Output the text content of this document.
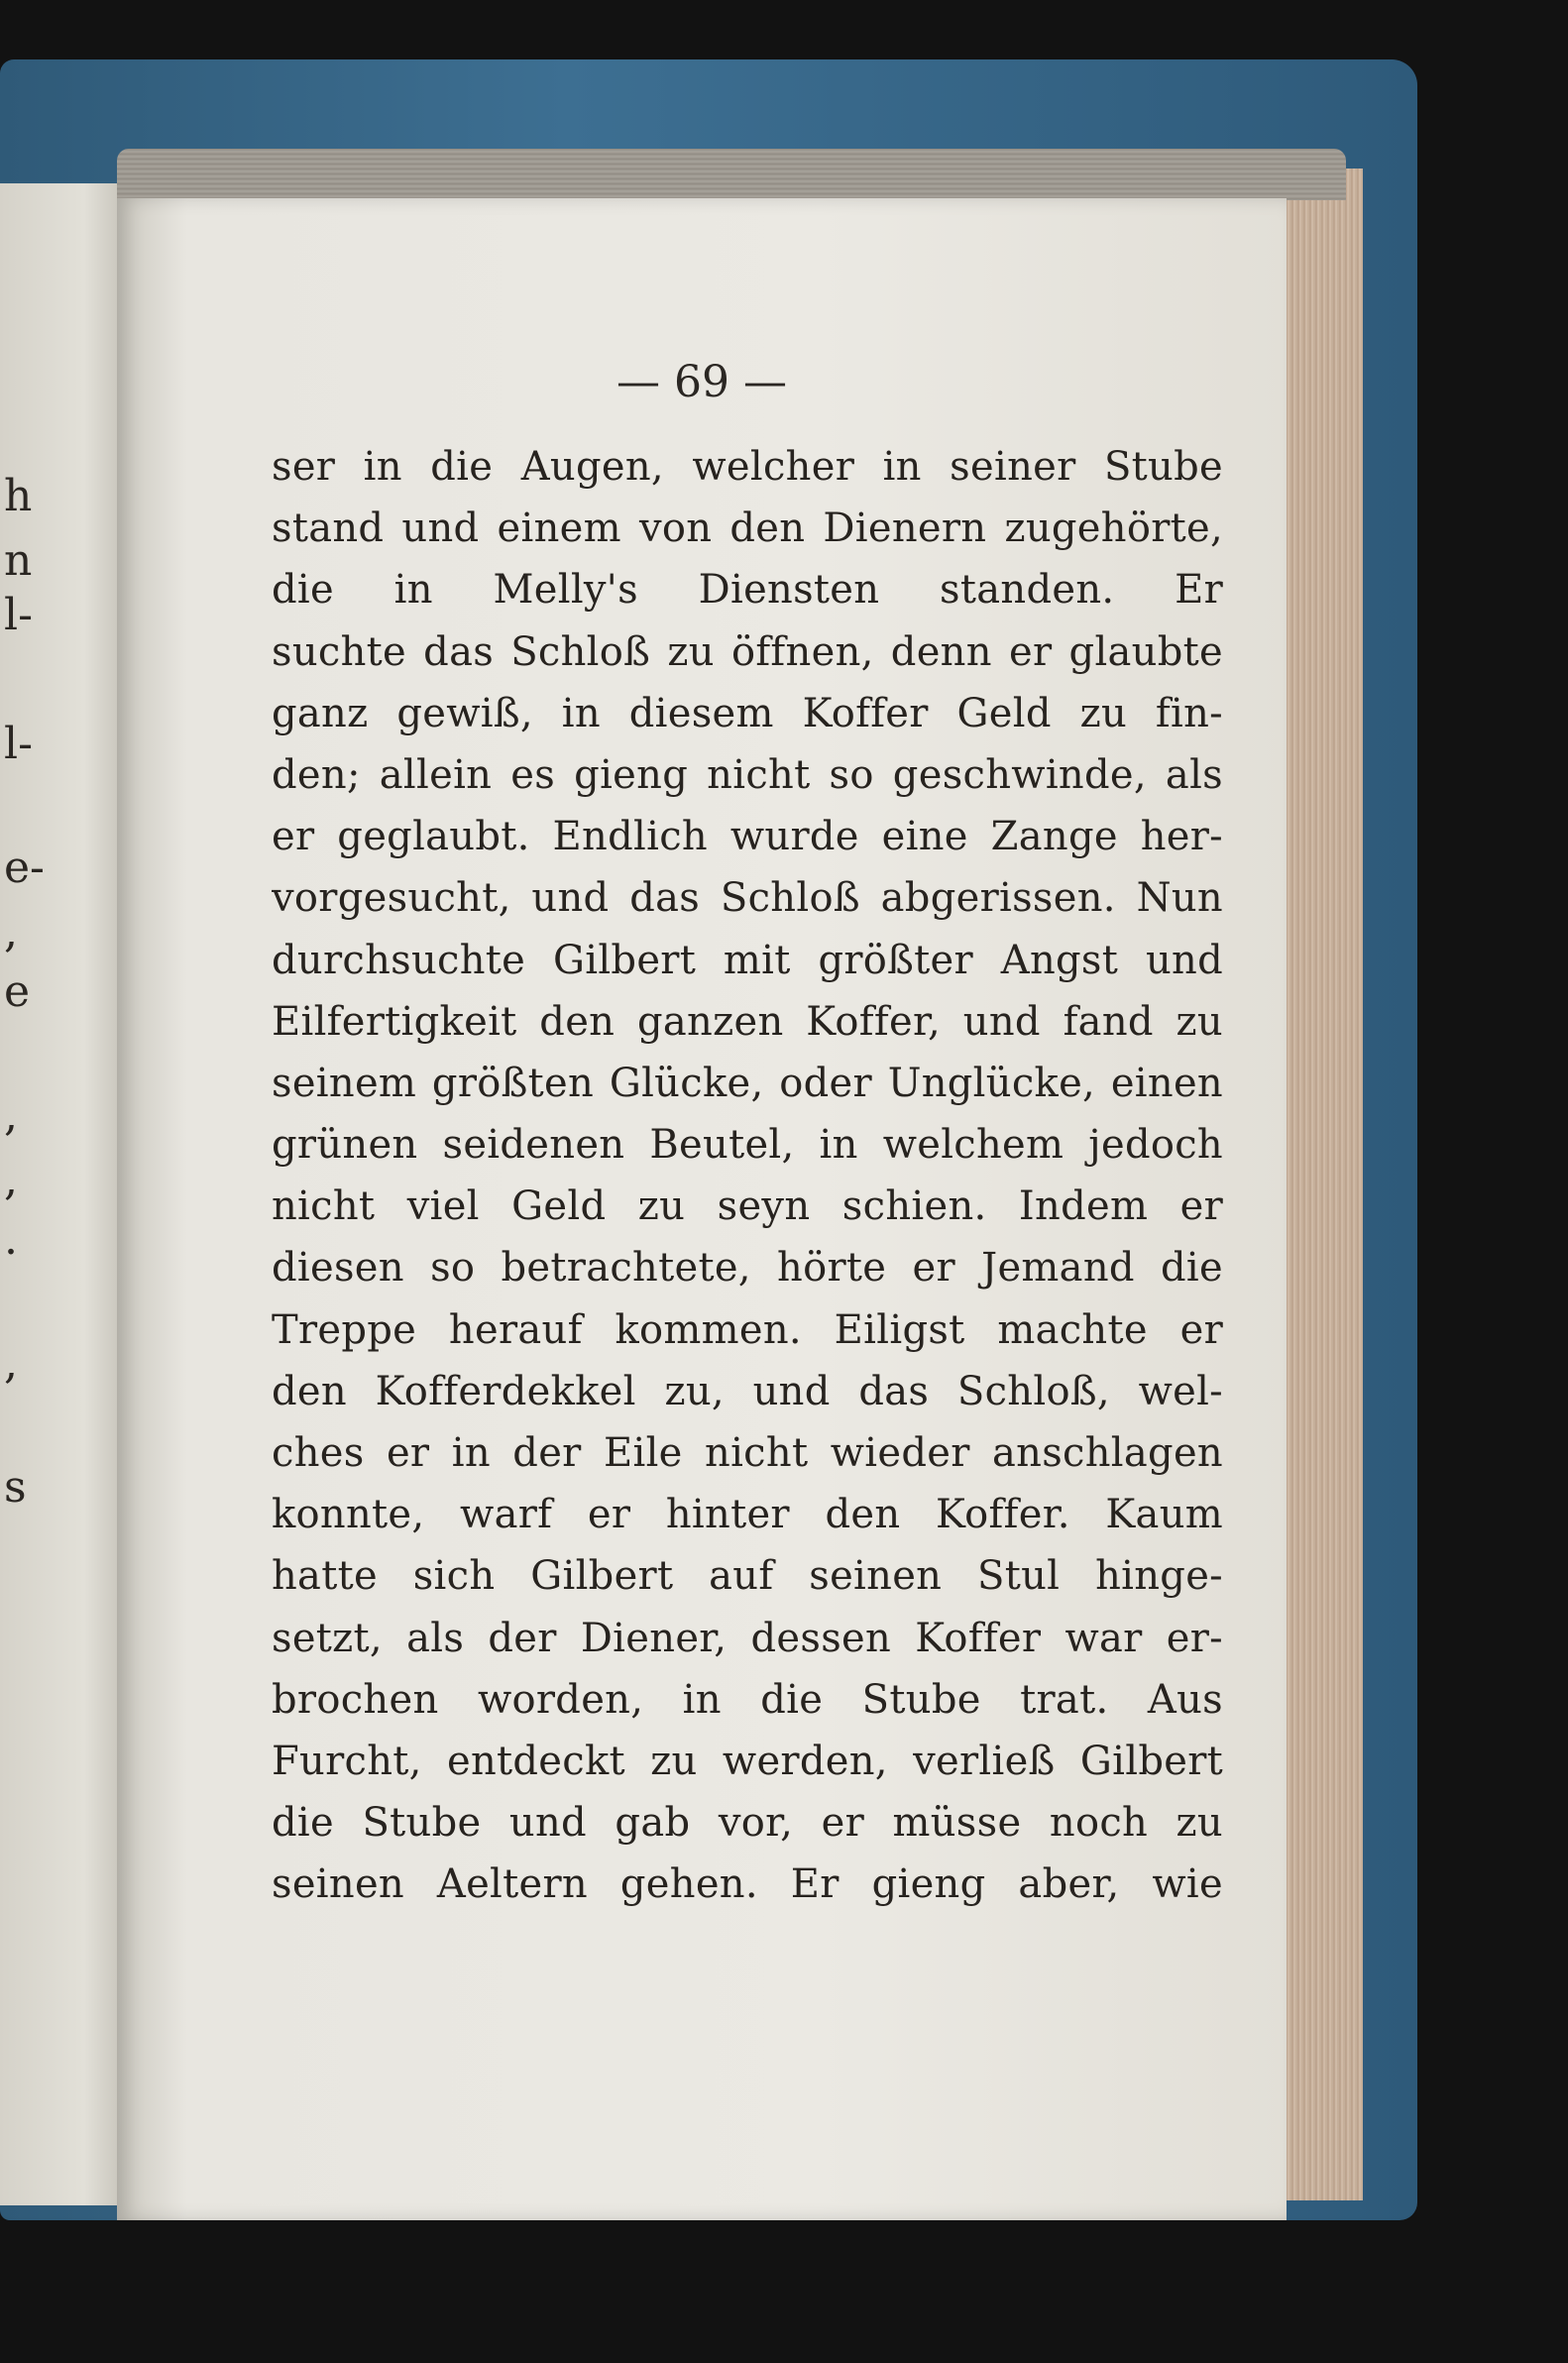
h
n
l-
l-
e-
,
e
,
,
.
,
s
— 69 —
ser in die Augen, welcher in seiner Stube
stand und einem von den Dienern zugehörte,
die in Melly's Diensten standen. Er
suchte das Schloß zu öffnen, denn er glaubte
ganz gewiß, in diesem Koffer Geld zu fin-
den; allein es gieng nicht so geschwinde, als
er geglaubt. Endlich wurde eine Zange her-
vorgesucht, und das Schloß abgerissen. Nun
durchsuchte Gilbert mit größter Angst und
Eilfertigkeit den ganzen Koffer, und fand zu
seinem größten Glücke, oder Unglücke, einen
grünen seidenen Beutel, in welchem jedoch
nicht viel Geld zu seyn schien. Indem er
diesen so betrachtete, hörte er Jemand die
Treppe herauf kommen. Eiligst machte er
den Kofferdekkel zu, und das Schloß, wel-
ches er in der Eile nicht wieder anschlagen
konnte, warf er hinter den Koffer. Kaum
hatte sich Gilbert auf seinen Stul hinge-
setzt, als der Diener, dessen Koffer war er-
brochen worden, in die Stube trat. Aus
Furcht, entdeckt zu werden, verließ Gilbert
die Stube und gab vor, er müsse noch zu
seinen Aeltern gehen. Er gieng aber, wie
